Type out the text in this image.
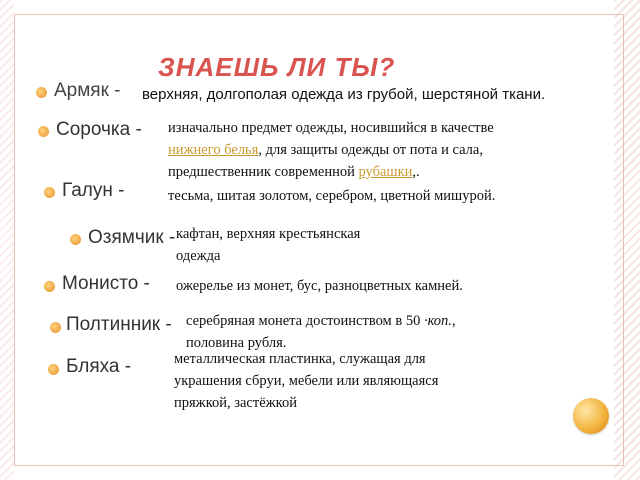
ЗНАЕШЬ ЛИ ТЫ?
Армяк - верхняя, долгополая одежда из грубой, шерстяной ткани.
Сорочка - изначально предмет одежды, носившийся в качестве
нижнего белья, для защиты одежды от пота и сала,
предшественник современной рубашки,.
Галун -	тесьма, шитая золотом, серебром, цветной мишурой.
Озямчик - кафтан, верхняя крестьянская
одежда
Монисто - ожерелье из монет, бус, разноцветных камней.
Полтинник - серебряная монета достоинством в 50 ·коп.,
половина рубля.
Бляха -	металлическая пластинка, служащая для
украшения сбруи, мебели или являющаяся
пряжкой, застёжкой
